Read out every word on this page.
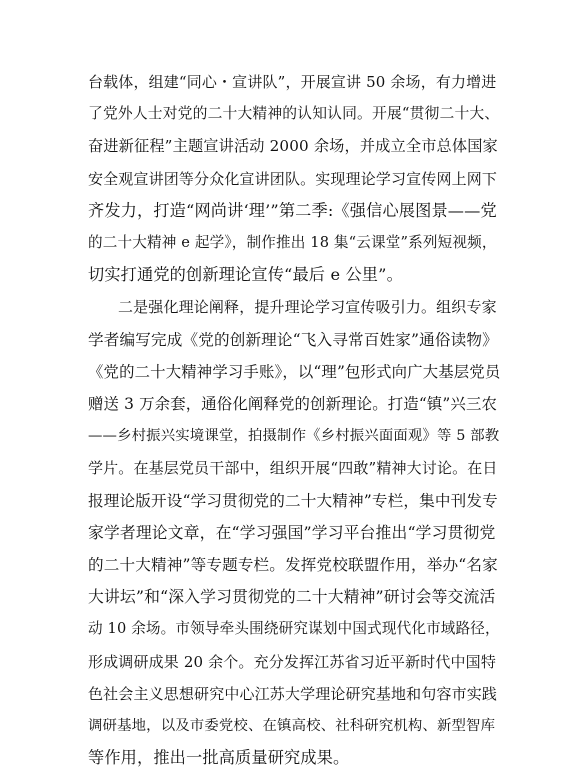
台载体，组建“同心・宣讲队”，开展宣讲 50 余场，有力增进
了党外人士对党的二十大精神的认知认同。开展“贯彻二十大、
奋进新征程”主题宣讲活动 2000 余场，并成立全市总体国家
安全观宣讲团等分众化宣讲团队。实现理论学习宣传网上网下
齐发力，打造“网尚讲‘理’”第二季:《强信心展图景——党
的二十大精神 e 起学》，制作推出 18 集“云课堂”系列短视频，
切实打通党的创新理论宣传“最后 e 公里”。

二是强化理论阐释，提升理论学习宣传吸引力。组织专家
学者编写完成《党的创新理论“飞入寻常百姓家”通俗读物》
《党的二十大精神学习手账》，以“理”包形式向广大基层党员
赠送 3 万余套，通俗化阐释党的创新理论。打造“镇”兴三农
——乡村振兴实境课堂，拍摄制作《乡村振兴面面观》等 5 部教
学片。在基层党员干部中，组织开展“四敢”精神大讨论。在日
报理论版开设“学习贯彻党的二十大精神”专栏，集中刊发专
家学者理论文章，在“学习强国”学习平台推出“学习贯彻党
的二十大精神”等专题专栏。发挥党校联盟作用，举办“名家
大讲坛”和“深入学习贯彻党的二十大精神”研讨会等交流活
动 10 余场。市领导牵头围绕研究谋划中国式现代化市域路径，
形成调研成果 20 余个。充分发挥江苏省习近平新时代中国特
色社会主义思想研究中心江苏大学理论研究基地和句容市实践
调研基地，以及市委党校、在镇高校、社科研究机构、新型智库
等作用，推出一批高质量研究成果。
